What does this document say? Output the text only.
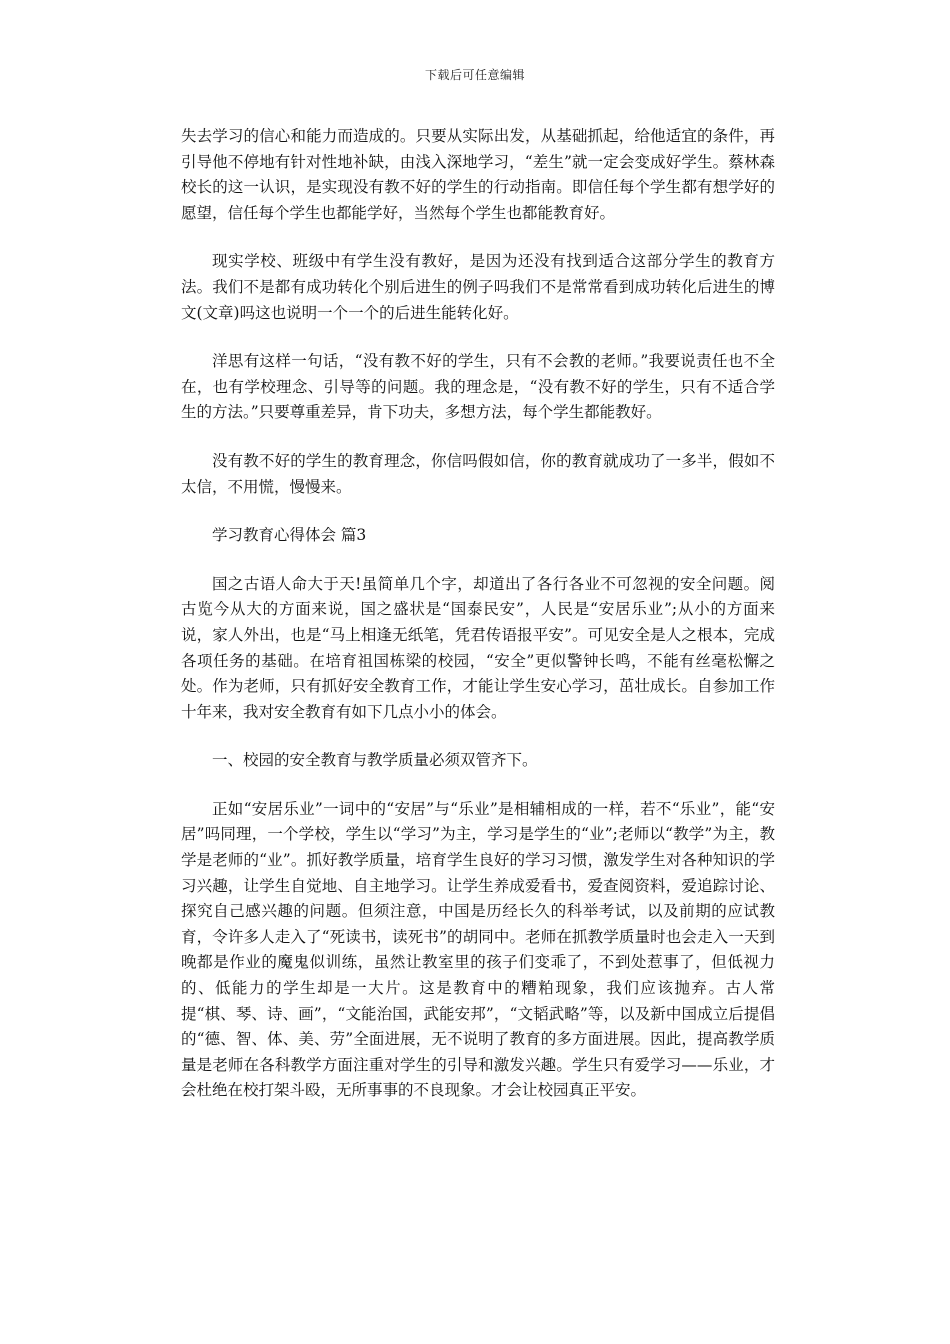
下载后可任意编辑

失去学习的信心和能力而造成的。只要从实际出发，从基础抓起，给他适宜的条件，再引导他不停地有针对性地补缺，由浅入深地学习，“差生”就一定会变成好学生。蔡林森校长的这一认识，是实现没有教不好的学生的行动指南。即信任每个学生都有想学好的愿望，信任每个学生也都能学好，当然每个学生也都能教育好。

现实学校、班级中有学生没有教好，是因为还没有找到适合这部分学生的教育方法。我们不是都有成功转化个别后进生的例子吗我们不是常常看到成功转化后进生的博文(文章)吗这也说明一个一个的后进生能转化好。

洋思有这样一句话，“没有教不好的学生，只有不会教的老师。”我要说责任也不全在，也有学校理念、引导等的问题。我的理念是，“没有教不好的学生，只有不适合学生的方法。”只要尊重差异，肯下功夫，多想方法，每个学生都能教好。

没有教不好的学生的教育理念，你信吗假如信，你的教育就成功了一多半，假如不太信，不用慌，慢慢来。

学习教育心得体会 篇3

国之古语人命大于天!虽简单几个字，却道出了各行各业不可忽视的安全问题。阅古览今从大的方面来说，国之盛状是“国泰民安”，人民是“安居乐业”;从小的方面来说，家人外出，也是“马上相逢无纸笔，凭君传语报平安”。可见安全是人之根本，完成各项任务的基础。在培育祖国栋梁的校园，“安全”更似警钟长鸣，不能有丝毫松懈之处。作为老师，只有抓好安全教育工作，才能让学生安心学习，茁壮成长。自参加工作十年来，我对安全教育有如下几点小小的体会。

一、校园的安全教育与教学质量必须双管齐下。

正如“安居乐业”一词中的“安居”与“乐业”是相辅相成的一样，若不“乐业”，能“安居”吗同理，一个学校，学生以“学习”为主，学习是学生的“业”;老师以“教学”为主，教学是老师的“业”。抓好教学质量，培育学生良好的学习习惯，激发学生对各种知识的学习兴趣，让学生自觉地、自主地学习。让学生养成爱看书，爱查阅资料，爱追踪讨论、探究自己感兴趣的问题。但须注意，中国是历经长久的科举考试，以及前期的应试教育，令许多人走入了“死读书，读死书”的胡同中。老师在抓教学质量时也会走入一天到晚都是作业的魔鬼似训练，虽然让教室里的孩子们变乖了，不到处惹事了，但低视力的、低能力的学生却是一大片。这是教育中的糟粕现象，我们应该抛弃。古人常提“棋、琴、诗、画”，“文能治国，武能安邦”，“文韬武略”等，以及新中国成立后提倡的“德、智、体、美、劳”全面进展，无不说明了教育的多方面进展。因此，提高教学质量是老师在各科教学方面注重对学生的引导和激发兴趣。学生只有爱学习——乐业，才会杜绝在校打架斗殴，无所事事的不良现象。才会让校园真正平安。
